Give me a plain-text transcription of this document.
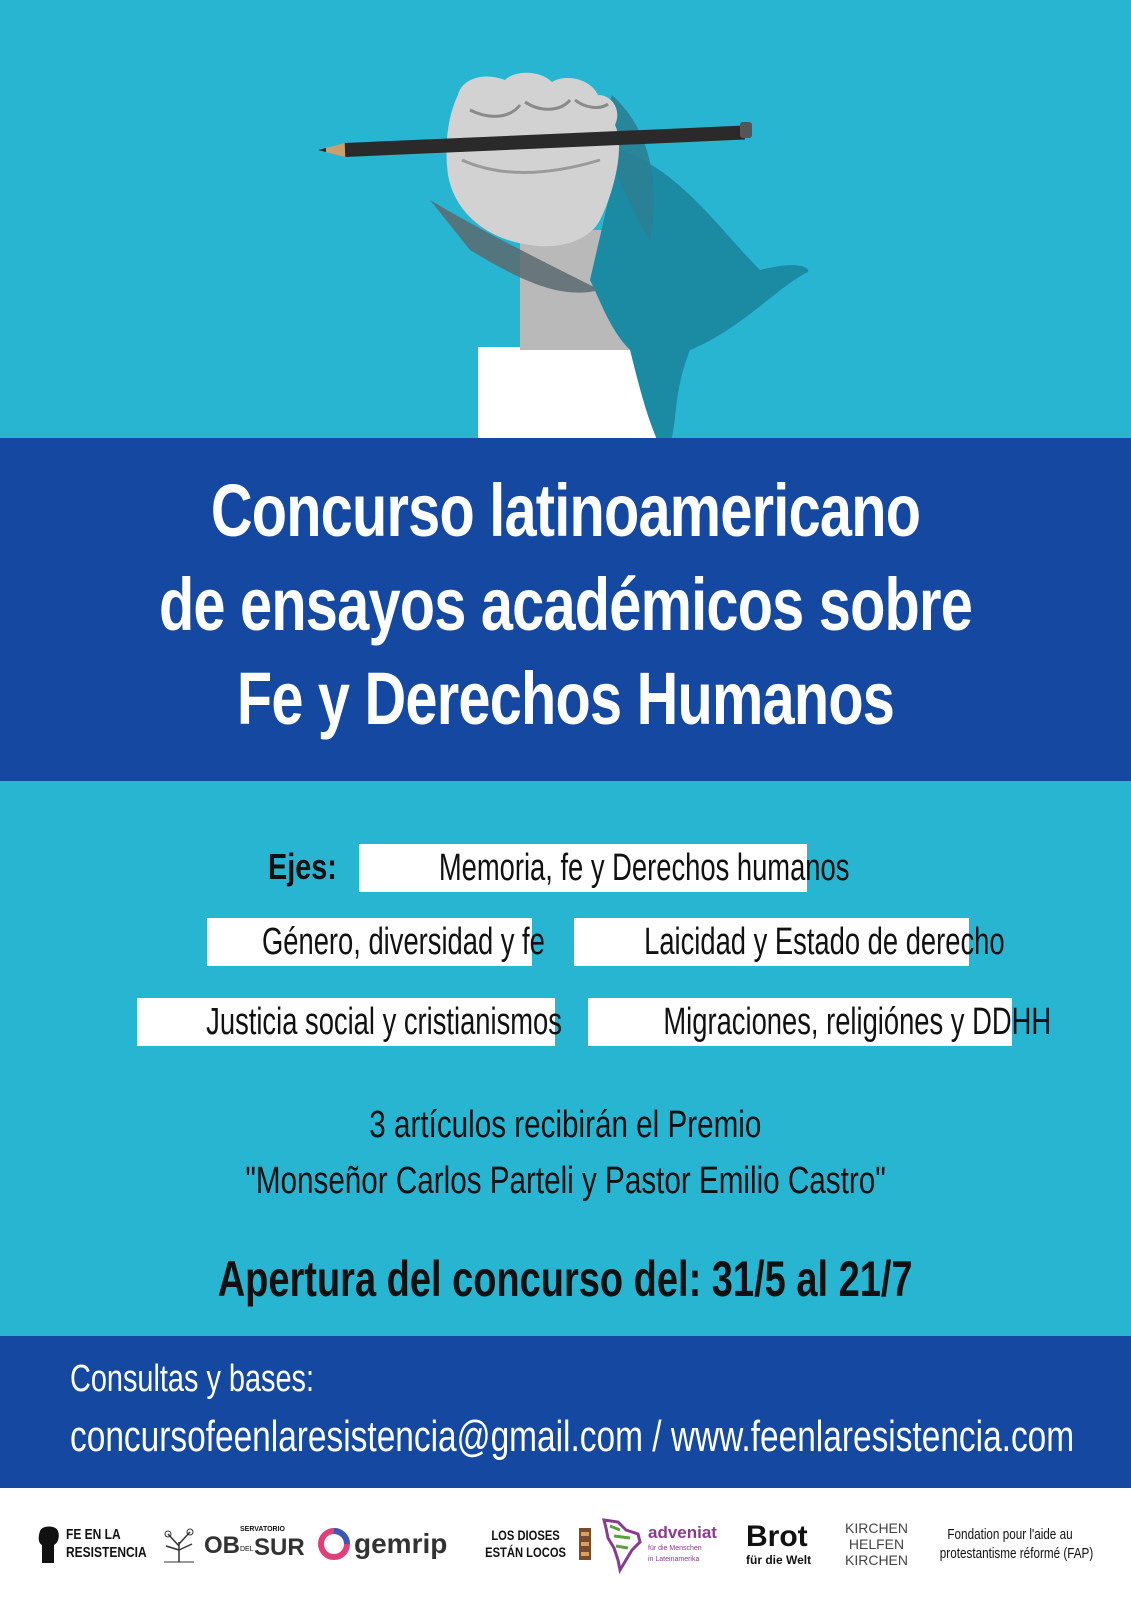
Concurso latinoamericano
de ensayos académicos sobre
Fe y Derechos Humanos
Ejes:	Memoria, fe y Derechos humanos
Género, diversidad y fe	Laicidad y Estado de derecho
Justicia social y cristianismos	Migraciones, religiónes y DDHH
3 artículos recibirán el Premio
"Monseñor Carlos Parteli y Pastor Emilio Castro"
Apertura del concurso del: 31/5 al 21/7
Consultas y bases:
concursofeenlaresistencia@gmail.com / www.feenlaresistencia.com
FE EN LA
RESISTENCIA OB
SERVATORIO
DEL SUR gemrip	LOS DIOSES
ESTÁN LOCOS
adveniat
für die Menschen
in Lateinamerika
Brot
für die Welt
KIRCHEN
HELFEN
KIRCHEN
Fondation pour l'aide au
protestantisme réformé (FAP)
